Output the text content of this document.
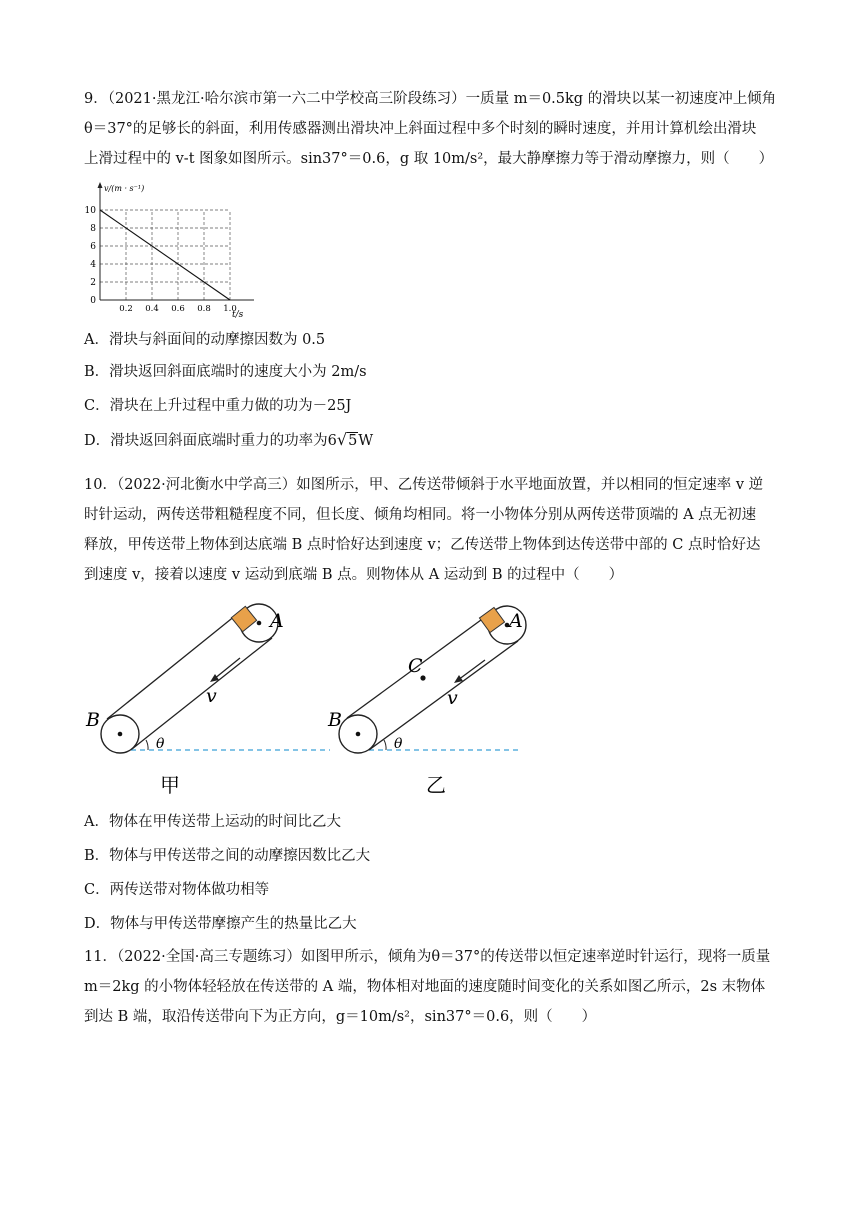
9．（2021·黑龙江·哈尔滨市第一六二中学校高三阶段练习）一质量 m＝0.5kg 的滑块以某一初速度冲上倾角
θ＝37°的足够长的斜面，利用传感器测出滑块冲上斜面过程中多个时刻的瞬时速度，并用计算机绘出滑块
上滑过程中的 v-t 图象如图所示。sin37°＝0.6，g 取 10m/s²，最大静摩擦力等于滑动摩擦力，则（　　）
0.2 0.4 0.6 0.8 1.0
0
2
4
6
8
10
v/(m · s⁻¹)
t/s
A．滑块与斜面间的动摩擦因数为 0.5
B．滑块返回斜面底端时的速度大小为 2m/s
C．滑块在上升过程中重力做的功为－25J
D．滑块返回斜面底端时重力的功率为6√5W
10．（2022·河北衡水中学高三）如图所示，甲、乙传送带倾斜于水平地面放置，并以相同的恒定速率 v 逆
时针运动，两传送带粗糙程度不同，但长度、倾角均相同。将一小物体分别从两传送带顶端的 A 点无初速
释放，甲传送带上物体到达底端 B 点时恰好达到速度 v；乙传送带上物体到达传送带中部的 C 点时恰好达
到速度 v，接着以速度 v 运动到底端 B 点。则物体从 A 运动到 B 的过程中（　　）
v
A
B
θ
甲
v
C
A
B
θ
乙
A．物体在甲传送带上运动的时间比乙大
B．物体与甲传送带之间的动摩擦因数比乙大
C．两传送带对物体做功相等
D．物体与甲传送带摩擦产生的热量比乙大
11．（2022·全国·高三专题练习）如图甲所示，倾角为θ＝37°的传送带以恒定速率逆时针运行，现将一质量
m＝2kg 的小物体轻轻放在传送带的 A 端，物体相对地面的速度随时间变化的关系如图乙所示，2s 末物体
到达 B 端，取沿传送带向下为正方向，g＝10m/s²，sin37°＝0.6，则（　　）
